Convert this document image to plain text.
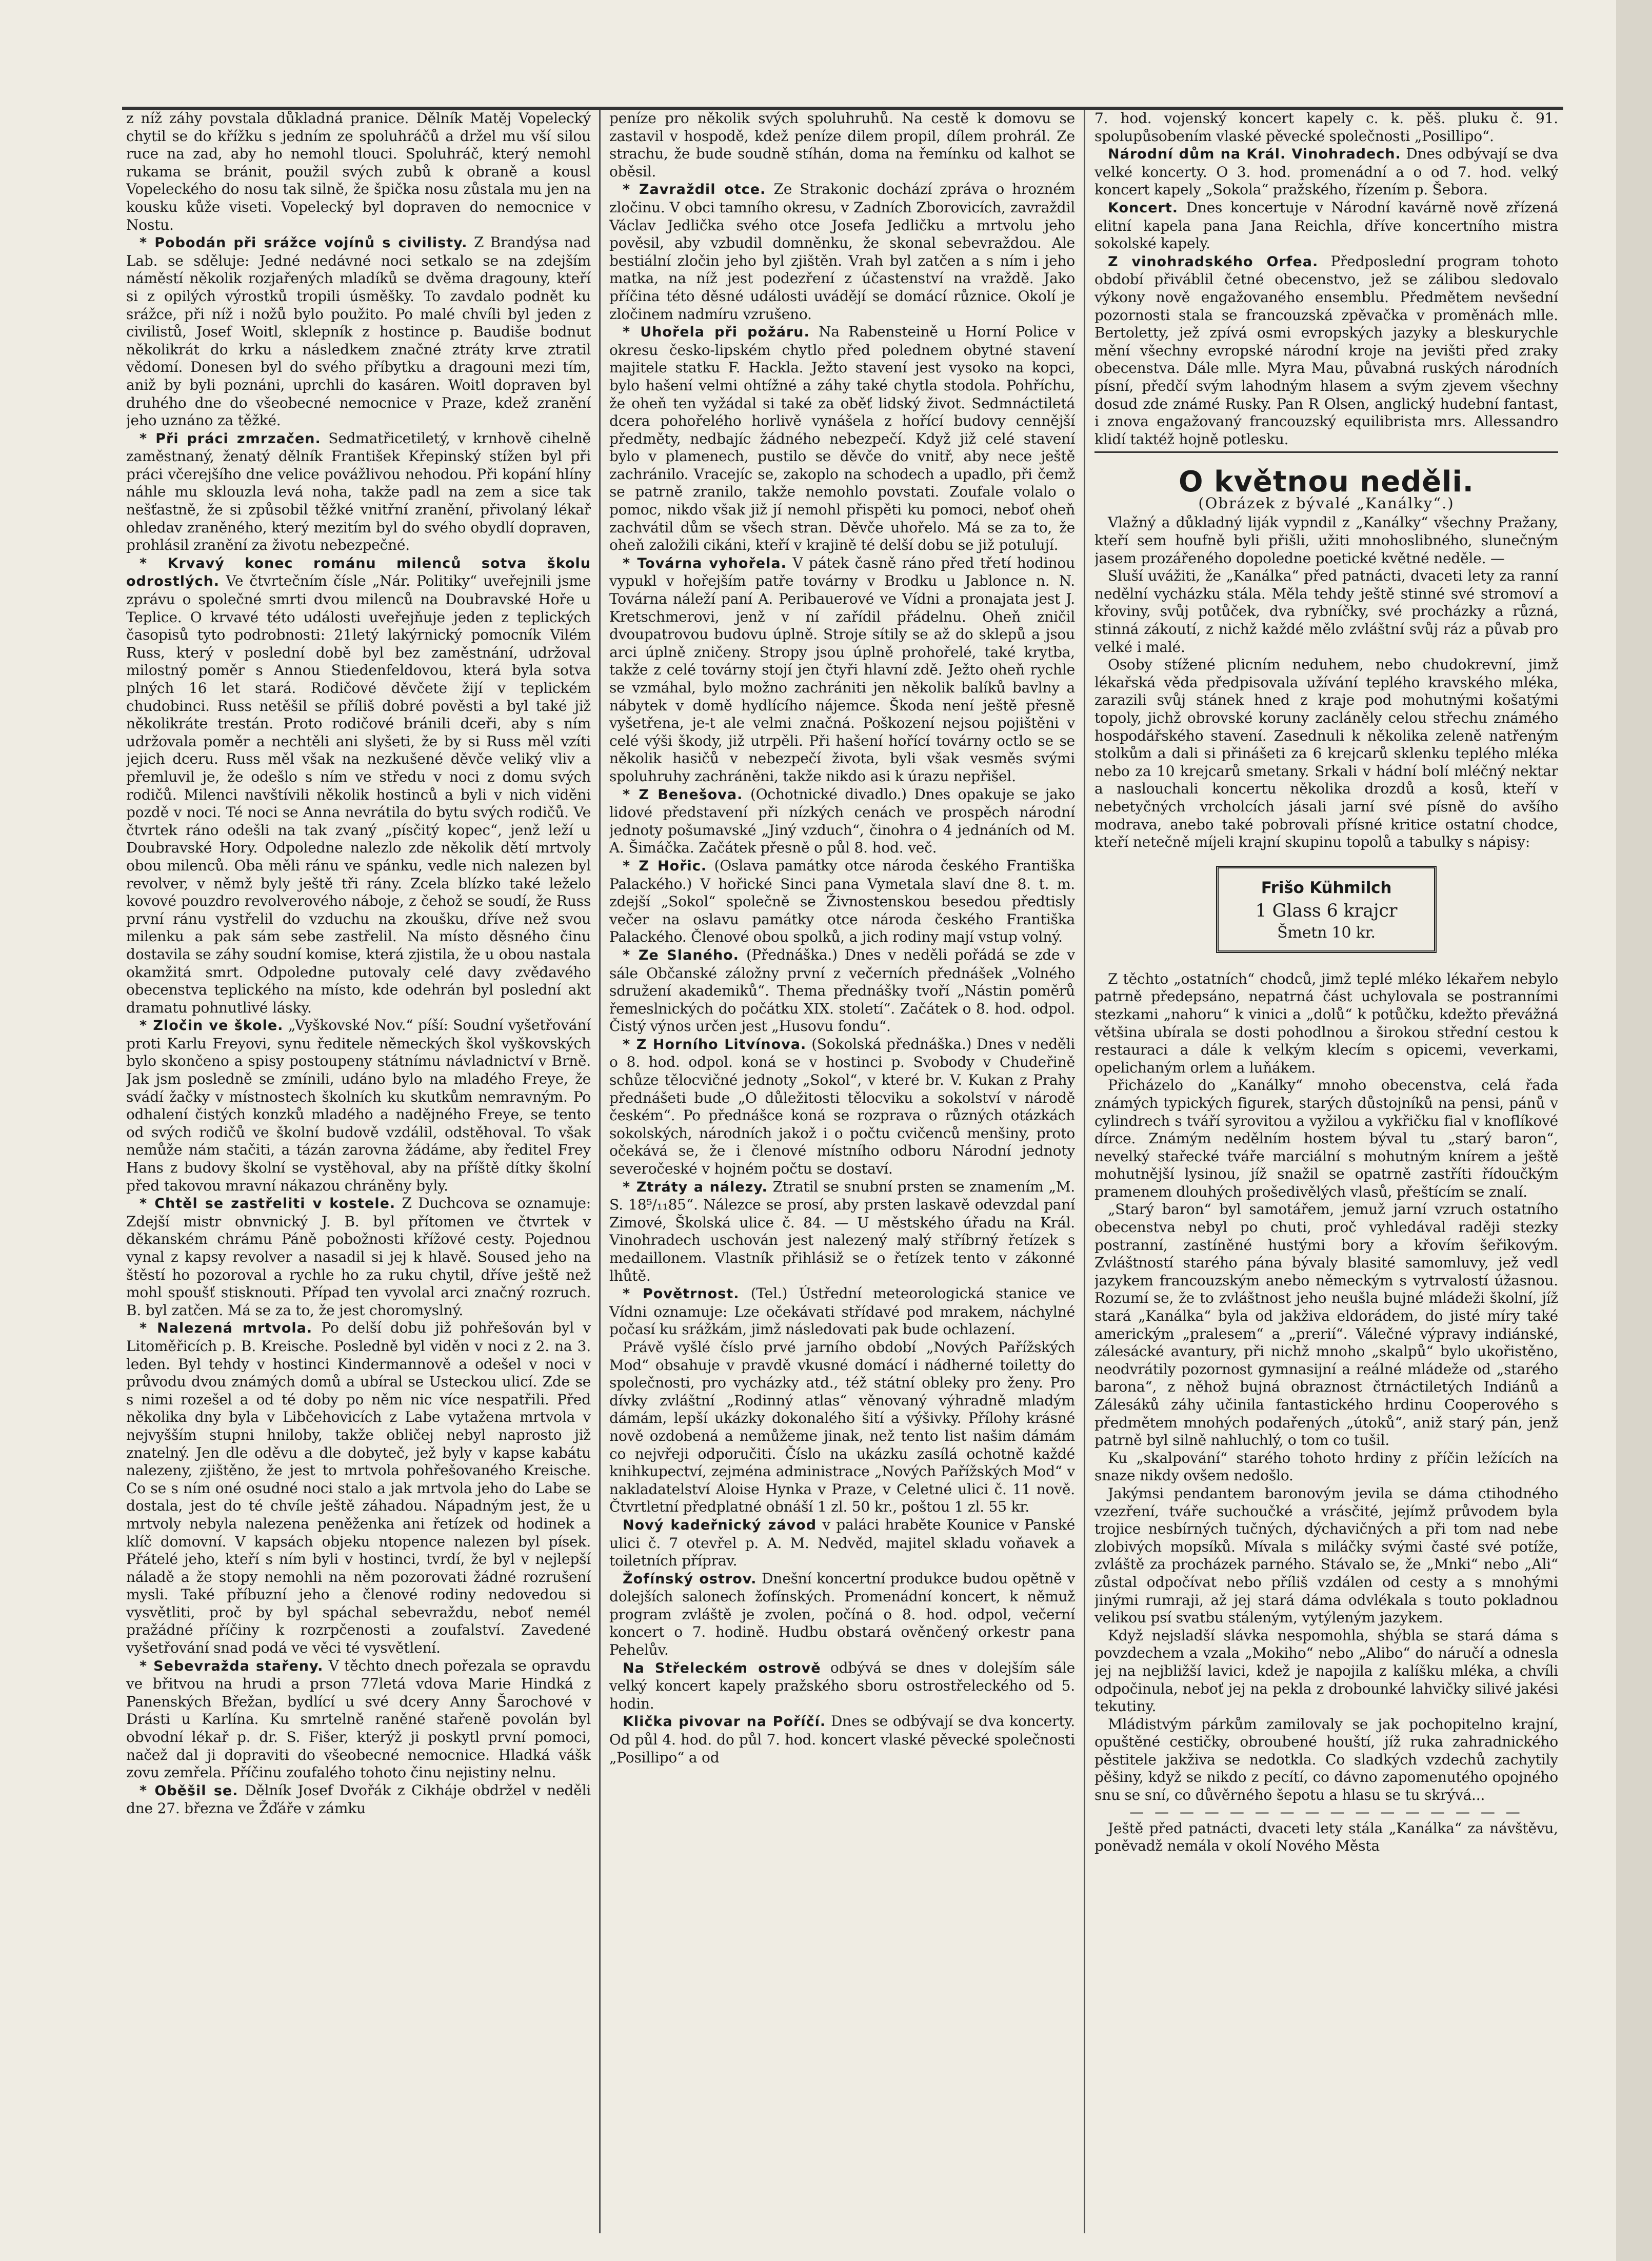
z níž záhy povstala důkladná pranice. Dělník Matěj Vopelecký chytil se do křížku s jedním ze spoluhráčů a držel mu vší silou ruce na zad, aby ho nemohl tlouci. Spoluhráč, který nemohl rukama se bránit, použil svých zubů k obraně a kousl Vopeleckého do nosu tak silně, že špička nosu zůstala mu jen na kousku kůže viseti. Vopelecký byl dopraven do nemocnice v Nostu.

* Pobodán při srážce vojínů s civilisty. Z Brandýsa nad Lab. se sděluje: Jedné nedávné noci setkalo se na zdejším náměstí několik rozjařených mladíků se dvěma dragouny, kteří si z opilých výrostků tropili úsměšky. To zavdalo podnět ku srážce, při níž i nožů bylo použito. Po malé chvíli byl jeden z civilistů, Josef Woitl, sklepník z hostince p. Baudiše bodnut několikrát do krku a následkem značné ztráty krve ztratil vědomí. Donesen byl do svého příbytku a dragouni mezi tím, aniž by byli poznáni, uprchli do kasáren. Woitl dopraven byl druhého dne do všeobecné nemocnice v Praze, kdež zranění jeho uznáno za těžké.

* Při práci zmrzačen. Sedmatřicetiletý, v krnhově cihelně zaměstnaný, ženatý dělník František Křepinský stížen byl při práci včerejšího dne velice povážlivou nehodou. Při kopání hlíny náhle mu sklouzla levá noha, takže padl na zem a sice tak nešťastně, že si způsobil těžké vnitřní zranění, přivolaný lékař ohledav zraněného, který mezitím byl do svého obydlí dopraven, prohlásil zranění za životu nebezpečné.

* Krvavý konec románu milenců sotva školu odrostlých. Ve čtvrtečním čísle „Nár. Politiky“ uveřejnili jsme zprávu o společné smrti dvou milenců na Doubravské Hoře u Teplice. O krvavé této události uveřejňuje jeden z teplických časopisů tyto podrobnosti: 21letý lakýrnický pomocník Vilém Russ, který v poslední době byl bez zaměstnání, udržoval milostný poměr s Annou Stiedenfeldovou, která byla sotva plných 16 let stará. Rodičové děvčete žijí v teplickém chudobinci. Russ netěšil se příliš dobré pověsti a byl také již několikráte trestán. Proto rodičové bránili dceři, aby s ním udržovala poměr a nechtěli ani slyšeti, že by si Russ měl vzíti jejich dceru. Russ měl však na nezkušené děvče veliký vliv a přemluvil je, že odešlo s ním ve středu v noci z domu svých rodičů. Milenci navštívili několik hostinců a byli v nich viděni pozdě v noci. Té noci se Anna nevrátila do bytu svých rodičů. Ve čtvrtek ráno odešli na tak zvaný „písčitý kopec“, jenž leží u Doubravské Hory. Odpoledne nalezlo zde několik dětí mrtvoly obou milenců. Oba měli ránu ve spánku, vedle nich nalezen byl revolver, v němž byly ještě tři rány. Zcela blízko také leželo kovové pouzdro revolverového náboje, z čehož se soudí, že Russ první ránu vystřelil do vzduchu na zkoušku, dříve než svou milenku a pak sám sebe zastřelil. Na místo děsného činu dostavila se záhy soudní komise, která zjistila, že u obou nastala okamžitá smrt. Odpoledne putovaly celé davy zvědavého obecenstva teplického na místo, kde odehrán byl poslední akt dramatu pohnutlivé lásky.

* Zločin ve škole. „Vyškovské Nov.“ píší: Soudní vyšetřování proti Karlu Freyovi, synu ředitele německých škol vyškovských bylo skončeno a spisy postoupeny státnímu návladnictví v Brně. Jak jsm posledně se zmínili, udáno bylo na mladého Freye, že svádí žačky v místnostech školních ku skutkům nemravným. Po odhalení čistých konzků mladého a nadějného Freye, se tento od svých rodičů ve školní budově vzdálil, odstěhoval. To však nemůže nám stačiti, a tázán zarovna žádáme, aby ředitel Frey Hans z budovy školní se vystěhoval, aby na příště dítky školní před takovou mravní nákazou chráněny byly.

* Chtěl se zastřeliti v kostele. Z Duchcova se oznamuje: Zdejší mistr obnvnický J. B. byl přítomen ve čtvrtek v děkanském chrámu Páně pobožnosti křížové cesty. Pojednou vynal z kapsy revolver a nasadil si jej k hlavě. Soused jeho na štěstí ho pozoroval a rychle ho za ruku chytil, dříve ještě než mohl spoušť stisknouti. Případ ten vyvolal arci značný rozruch. B. byl zatčen. Má se za to, že jest choromyslný.

* Nalezená mrtvola. Po delší dobu již pohřešován byl v Litoměřicích p. B. Kreische. Posledně byl viděn v noci z 2. na 3. leden. Byl tehdy v hostinci Kindermannově a odešel v noci v průvodu dvou známých domů a ubíral se Usteckou ulicí. Zde se s nimi rozešel a od té doby po něm nic více nespatřili. Před několika dny byla v Libčehovicích z Labe vytažena mrtvola v nejvyšším stupni hniloby, takže obličej nebyl naprosto již znatelný. Jen dle oděvu a dle dobyteč, jež byly v kapse kabátu nalezeny, zjištěno, že jest to mrtvola pohřešovaného Kreische. Co se s ním oné osudné noci stalo a jak mrtvola jeho do Labe se dostala, jest do té chvíle ještě záhadou. Nápadným jest, že u mrtvoly nebyla nalezena peněženka ani řetízek od hodinek a klíč domovní. V kapsách objeku ntopence nalezen byl písek. Přátelé jeho, kteří s ním byli v hostinci, tvrdí, že byl v nejlepší náladě a že stopy nemohli na něm pozorovati žádné rozrušení mysli. Také příbuzní jeho a členové rodiny nedovedou si vysvětliti, proč by byl spáchal sebevraždu, neboť nemél pražádné příčiny k rozrpčenosti a zoufalství. Zavedené vyšetřování snad podá ve věci té vysvětlení.

* Sebevražda stařeny. V těchto dnech pořezala se opravdu ve břitvou na hrudi a prson 77letá vdova Marie Hindká z Panenských Břežan, bydlící u své dcery Anny Šarochové v Drásti u Karlína. Ku smrtelně raněné stařeně povolán byl obvodní lékař p. dr. S. Fišer, kterýž ji poskytl první pomoci, načež dal ji dopraviti do všeobecné nemocnice. Hladká vášk zovu zemřela. Příčinu zoufalého tohoto činu nejistiny nelnu.

* Oběšil se. Dělník Josef Dvořák z Cikháje obdržel v neděli dne 27. března ve Žďáře v zámku

peníze pro několik svých spoluhruhů. Na cestě k domovu se zastavil v hospodě, kdež peníze dilem propil, dílem prohrál. Ze strachu, že bude soudně stíhán, doma na řemínku od kalhot se oběsil.

* Zavraždil otce. Ze Strakonic dochází zpráva o hrozném zločinu. V obci tamního okresu, v Zadních Zborovicích, zavraždil Václav Jedlička svého otce Josefa Jedličku a mrtvolu jeho pověsil, aby vzbudil domněnku, že skonal sebevraždou. Ale bestiální zločin jeho byl zjištěn. Vrah byl zatčen a s ním i jeho matka, na níž jest podezření z účastenství na vraždě. Jako příčina této děsné události uvádějí se domácí různice. Okolí je zločinem nadmíru vzrušeno.

* Uhořela při požáru. Na Rabensteině u Horní Police v okresu česko-lipském chytlo před polednem obytné stavení majitele statku F. Hackla. Ježto stavení jest vysoko na kopci, bylo hašení velmi ohtížné a záhy také chytla stodola. Pohříchu, že oheň ten vyžádal si také za oběť lidský život. Sedmnáctiletá dcera pohořelého horlivě vynášela z hořící budovy cennější předměty, nedbajíc žádného nebezpečí. Když již celé stavení bylo v plamenech, pustilo se děvče do vnitř, aby nece ještě zachránilo. Vracejíc se, zakoplo na schodech a upadlo, při čemž se patrně zranilo, takže nemohlo povstati. Zoufale volalo o pomoc, nikdo však již jí nemohl přispěti ku pomoci, neboť oheň zachvátil dům se všech stran. Děvče uhořelo. Má se za to, že oheň založili cikáni, kteří v krajině té delší dobu se již potulují.

* Továrna vyhořela. V pátek časně ráno před třetí hodinou vypukl v hořejším patře továrny v Brodku u Jablonce n. N. Továrna náleží paní A. Peribauerové ve Vídni a pronajata jest J. Kretschmerovi, jenž v ní zařídil přádelnu. Oheň zničil dvoupatrovou budovu úplně. Stroje sítily se až do sklepů a jsou arci úplně zničeny. Stropy jsou úplně prohořelé, také krytba, takže z celé továrny stojí jen čtyři hlavní zdě. Ježto oheň rychle se vzmáhal, bylo možno zachrániti jen několik balíků bavlny a nábytek v domě hydlícího nájemce. Škoda není ještě přesně vyšetřena, je-t ale velmi značná. Poškození nejsou pojištěni v celé výši škody, již utrpěli. Při hašení hořící továrny octlo se se několik hasičů v nebezpečí života, byli však vesměs svými spoluhruhy zachráněni, takže nikdo asi k úrazu nepřišel.

* Z Benešova. (Ochotnické divadlo.) Dnes opakuje se jako lidové představení při nízkých cenách ve prospěch národní jednoty pošumavské „Jiný vzduch“, činohra o 4 jednáních od M. A. Šimáčka. Začátek přesně o půl 8. hod. več.

* Z Hořic. (Oslava památky otce národa českého Františka Palackého.) V hořické Sinci pana Vymetala slaví dne 8. t. m. zdejší „Sokol“ společně se Živnostenskou besedou předtisly večer na oslavu památky otce národa českého Františka Palackého. Členové obou spolků, a jich rodiny mají vstup volný.

* Ze Slaného. (Přednáška.) Dnes v neděli pořádá se zde v sále Občanské záložny první z večerních přednášek „Volného sdružení akademiků“. Thema přednášky tvoří „Nástin poměrů řemeslnických do počátku XIX. století“. Začátek o 8. hod. odpol. Čistý výnos určen jest „Husovu fondu“.

* Z Horního Litvínova. (Sokolská přednáška.) Dnes v neděli o 8. hod. odpol. koná se v hostinci p. Svobody v Chudeřině schůze tělocvičné jednoty „Sokol“, v které br. V. Kukan z Prahy přednášeti bude „O důležitosti tělocviku a sokolství v národě českém“. Po přednášce koná se rozprava o různých otázkách sokolských, národních jakož i o počtu cvičenců menšiny, proto očekává se, že i členové místního odboru Národní jednoty severočeské v hojném počtu se dostaví.

* Ztráty a nálezy. Ztratil se snubní prsten se znamením „M. S. 18⁵/₁₁85“. Nálezce se prosí, aby prsten laskavě odevzdal paní Zimové, Školská ulice č. 84. — U městského úřadu na Král. Vinohradech uschován jest nalezený malý stříbrný řetízek s medaillonem. Vlastník přihlásiž se o řetízek tento v zákonné lhůtě.

* Povětrnost. (Tel.) Ústřední meteorologická stanice ve Vídni oznamuje: Lze očekávati střídavé pod mrakem, náchylné počasí ku srážkám, jimž následovati pak bude ochlazení.

Právě vyšlé číslo prvé jarního období „Nových Pařížských Mod“ obsahuje v pravdě vkusné domácí i nádherné toiletty do společnosti, pro vycházky atd., též státní obleky pro ženy. Pro dívky zvláštní „Rodinný atlas“ věnovaný výhradně mladým dámám, lepší ukázky dokonalého šití a výšivky. Přílohy krásné nově ozdobená a nemůžeme jinak, než tento list našim dámám co nejvřeji odporučiti. Číslo na ukázku zasílá ochotně každé knihkupectví, zejména administrace „Nových Pařížských Mod“ v nakladatelství Aloise Hynka v Praze, v Celetné ulici č. 11 nově. Čtvrtletní předplatné obnáší 1 zl. 50 kr., poštou 1 zl. 55 kr.

Nový kadeřnický závod v paláci hraběte Kounice v Panské ulici č. 7 otevřel p. A. M. Nedvěd, majitel skladu voňavek a toiletních příprav.

Žofínský ostrov. Dnešní koncertní produkce budou opětně v dolejších salonech žofínských. Promenádní koncert, k němuž program zvláště je zvolen, počíná o 8. hod. odpol, večerní koncert o 7. hodině. Hudbu obstará ověnčený orkestr pana Pehelův.

Na Střeleckém ostrově odbývá se dnes v dolejším sále velký koncert kapely pražského sboru ostrostřeleckého od 5. hodin.

Klička pivovar na Poříčí. Dnes se odbývají se dva koncerty. Od půl 4. hod. do půl 7. hod. koncert vlaské pěvecké společnosti „Posillipo“ a od

7. hod. vojenský koncert kapely c. k. pěš. pluku č. 91. spolupůsobením vlaské pěvecké společnosti „Posillipo“.

Národní dům na Král. Vinohradech. Dnes odbývají se dva velké koncerty. O 3. hod. promenádní a o od 7. hod. velký koncert kapely „Sokola“ pražského, řízením p. Šebora.

Koncert. Dnes koncertuje v Národní kavárně nově zřízená elitní kapela pana Jana Reichla, dříve koncertního mistra sokolské kapely.

Z vinohradského Orfea. Předposlední program tohoto období přiváblil četné obecenstvo, jež se zálibou sledovalo výkony nově engažovaného ensemblu. Předmětem nevšední pozornosti stala se francouzská zpěvačka v proměnách mlle. Bertoletty, jež zpívá osmi evropských jazyky a bleskurychle mění všechny evropské národní kroje na jevišti před zraky obecenstva. Dále mlle. Myra Mau, půvabná ruských národních písní, předčí svým lahodným hlasem a svým zjevem všechny dosud zde známé Rusky. Pan R Olsen, anglický hudební fantast, i znova engažovaný francouzský equilibrista mrs. Allessandro klidí taktéž hojně potlesku.

O květnou neděli.
(Obrázek z bývalé „Kanálky“.)

Vlažný a důkladný liják vypndil z „Kanálky“ všechny Pražany, kteří sem houfně byli přišli, užiti mnohoslibného, slunečným jasem prozářeného dopoledne poetické květné neděle. —

Sluší uvážiti, že „Kanálka“ před patnácti, dvaceti lety za ranní nedělní vycházku stála. Měla tehdy ještě stinné své stromoví a křoviny, svůj potůček, dva rybníčky, své procházky a různá, stinná zákoutí, z nichž každé mělo zvláštní svůj ráz a půvab pro velké i malé.

Osoby stížené plicním neduhem, nebo chudokrevní, jimž lékařská věda předpisovala užívání teplého kravského mléka, zarazili svůj stánek hned z kraje pod mohutnými košatými topoly, jichž obrovské koruny zacláněly celou střechu známého hospodářského stavení. Zasednuli k několika zeleně natřeným stolkům a dali si přinášeti za 6 krejcarů sklenku teplého mléka nebo za 10 krejcarů smetany. Srkali v hádní bolí mléčný nektar a naslouchali koncertu několika drozdů a kosů, kteří v nebetyčných vrcholcích jásali jarní své písně do avšího modrava, anebo také pobrovali přísné kritice ostatní chodce, kteří netečně míjeli krajní skupinu topolů a tabulky s nápisy:

Frišo Kühmilch
1 Glass 6 krajcr
Šmetn 10 kr.

Z těchto „ostatních“ chodců, jimž teplé mléko lékařem nebylo patrně předepsáno, nepatrná část uchylovala se postranními stezkami „nahoru“ k vinici a „dolů“ k potůčku, kdežto převážná většina ubírala se dosti pohodlnou a širokou střední cestou k restauraci a dále k velkým klecím s opicemi, veverkami, opelichaným orlem a luňákem.

Přicházelo do „Kanálky“ mnoho obecenstva, celá řada známých typických figurek, starých důstojníků na pensi, pánů v cylindrech s tváří syrovitou a vyžilou a vykřičku fial v knoflíkové dírce. Známým nedělním hostem býval tu „starý baron“, nevelký stařecké tváře marciální s mohutným knírem a ještě mohutnější lysinou, jíž snažil se opatrně zastříti řídoučkým pramenem dlouhých prošedivělých vlasů, přeštícím se znalí.

„Starý baron“ byl samotářem, jemuž jarní vzruch ostatního obecenstva nebyl po chuti, proč vyhledával raději stezky postranní, zastíněné hustými bory a křovím šeřikovým. Zvláštností starého pána bývaly blasité samomluvy, jež vedl jazykem francouzským anebo německým s vytrvalostí úžasnou. Rozumí se, že to zvláštnost jeho neušla bujné mládeži školní, jíž stará „Kanálka“ byla od jakživa eldorádem, do jisté míry také americkým „pralesem“ a „prerií“. Válečné výpravy indiánské, zálesácké avantury, při nichž mnoho „skalpů“ bylo ukořistěno, neodvrátily pozornost gymnasijní a reálné mládeže od „starého barona“, z něhož bujná obraznost čtrnáctiletých Indiánů a Zálesáků záhy učinila fantastického hrdinu Cooperového s předmětem mnohých podařených „útoků“, aniž starý pán, jenž patrně byl silně nahluchlý, o tom co tušil.

Ku „skalpování“ starého tohoto hrdiny z příčin ležících na snaze nikdy ovšem nedošlo.

Jakýmsi pendantem baronovým jevila se dáma ctihodného vzezření, tváře suchoučké a vrásčité, jejímž průvodem byla trojice nesbírných tučných, dýchavičných a při tom nad nebe zlobivých mopsíků. Mívala s miláčky svými časté své potíže, zvláště za procházek parného. Stávalo se, že „Mnki“ nebo „Ali“ zůstal odpočívat nebo příliš vzdálen od cesty a s mnohými jinými rumraji, až jej stará dáma odvlékala s touto pokladnou velikou psí svatbu stáleným, vytýleným jazykem.

Když nejsladší slávka nespomohla, shýbla se stará dáma s povzdechem a vzala „Mokiho“ nebo „Alibo“ do náručí a odnesla jej na nejbližší lavici, kdež je napojila z kalíšku mléka, a chvíli odpočinula, neboť jej na pekla z drobounké lahvičky silivé jakési tekutiny.

Mládistvým párkům zamilovaly se jak pochopitelno krajní, opuštěné cestičky, obroubené houští, jíž ruka zahradnického pěstitele jakživa se nedotkla. Co sladkých vzdechů zachytily pěšiny, když se nikdo z pecítí, co dávno zapomenutého opojného snu se sní, co důvěrného šepotu a hlasu se tu skrývá...

— — — — — — — — — — — — — — — —

Ještě před patnácti, dvaceti lety stála „Kanálka“ za návštěvu, poněvadž nemála v okolí Nového Města
